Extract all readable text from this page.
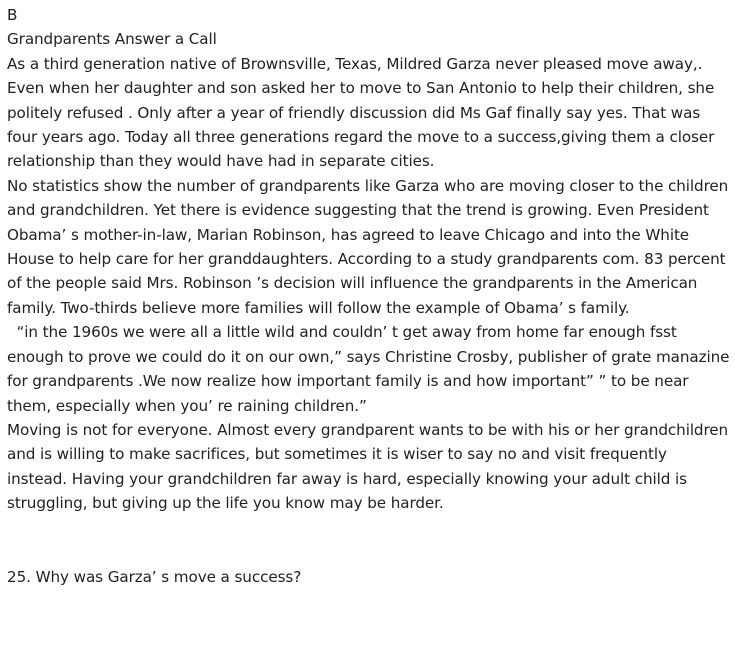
B

Grandparents Answer a Call

As a third generation native of Brownsville, Texas, Mildred Garza never pleased move away,. Even when her daughter and son asked her to move to San Antonio to help their children, she politely refused . Only after a year of friendly discussion did Ms Gaf finally say yes. That was four years ago. Today all three generations regard the move to a success,giving them a closer relationship than they would have had in separate cities.

No statistics show the number of grandparents like Garza who are moving closer to the children and grandchildren. Yet there is evidence suggesting that the trend is growing. Even President Obama’ s mother-in-law, Marian Robinson, has agreed to leave Chicago and into the White House to help care for her granddaughters. According to a study grandparents com. 83 percent of the people said Mrs. Robinson ’s decision will influence the grandparents in the American family. Two-thirds believe more families will follow the example of Obama’ s family.

“in the 1960s we were all a little wild and couldn’ t get away from home far enough fsst enough to prove we could do it on our own,” says Christine Crosby, publisher of grate manazine for grandparents .We now realize how important family is and how important” ” to be near them, especially when you’ re raining children.”

Moving is not for everyone. Almost every grandparent wants to be with his or her grandchildren and is willing to make sacrifices, but sometimes it is wiser to say no and visit frequently instead. Having your grandchildren far away is hard, especially knowing your adult child is struggling, but giving up the life you know may be harder.

25. Why was Garza’ s move a success?
